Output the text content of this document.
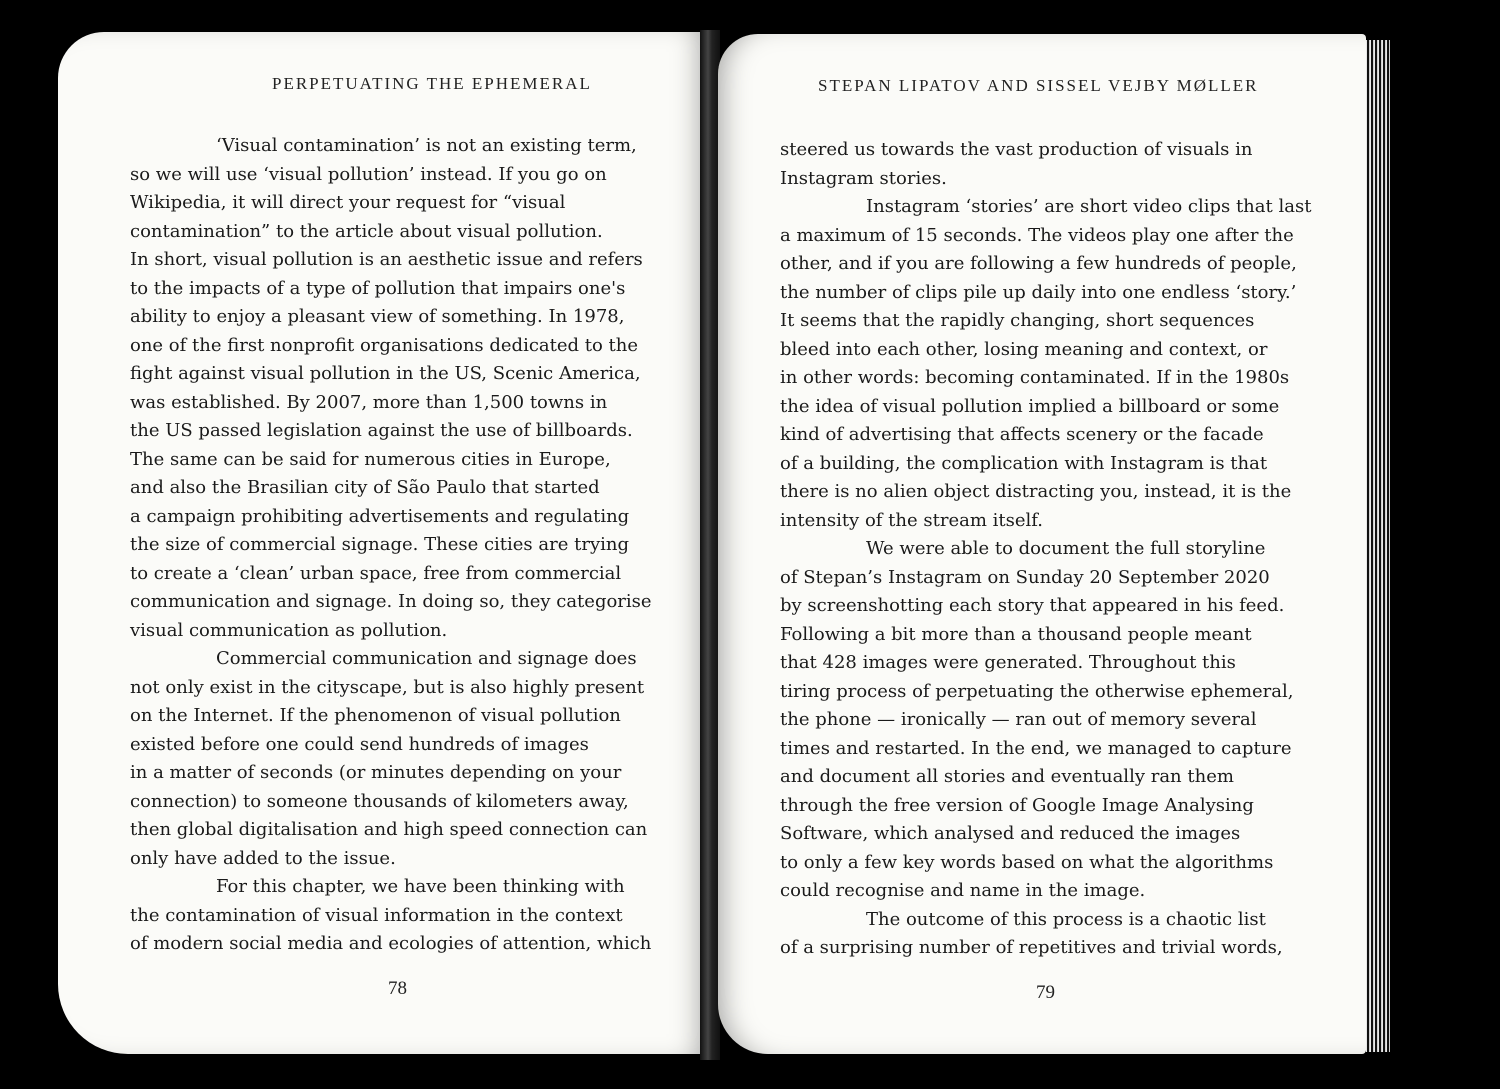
PERPETUATING THE EPHEMERAL
‘Visual contamination’ is not an existing term,
so we will use ‘visual pollution’ instead. If you go on
Wikipedia, it will direct your request for “visual
contamination” to the article about visual pollution.
In short, visual pollution is an aesthetic issue and refers
to the impacts of a type of pollution that impairs one's
ability to enjoy a pleasant view of something. In 1978,
one of the first nonprofit organisations dedicated to the
fight against visual pollution in the US, Scenic America,
was established. By 2007, more than 1,500 towns in
the US passed legislation against the use of billboards.
The same can be said for numerous cities in Europe,
and also the Brasilian city of São Paulo that started
a campaign prohibiting advertisements and regulating
the size of commercial signage. These cities are trying
to create a ‘clean’ urban space, free from commercial
communication and signage. In doing so, they categorise
visual communication as pollution.
Commercial communication and signage does
not only exist in the cityscape, but is also highly present
on the Internet. If the phenomenon of visual pollution
existed before one could send hundreds of images
in a matter of seconds (or minutes depending on your
connection) to someone thousands of kilometers away,
then global digitalisation and high speed connection can
only have added to the issue.
For this chapter, we have been thinking with
the contamination of visual information in the context
of modern social media and ecologies of attention, which
78
STEPAN LIPATOV AND SISSEL VEJBY MØLLER
steered us towards the vast production of visuals in
Instagram stories.
Instagram ‘stories’ are short video clips that last
a maximum of 15 seconds. The videos play one after the
other, and if you are following a few hundreds of people,
the number of clips pile up daily into one endless ‘story.’
It seems that the rapidly changing, short sequences
bleed into each other, losing meaning and context, or
in other words: becoming contaminated. If in the 1980s
the idea of visual pollution implied a billboard or some
kind of advertising that affects scenery or the facade
of a building, the complication with Instagram is that
there is no alien object distracting you, instead, it is the
intensity of the stream itself.
We were able to document the full storyline
of Stepan’s Instagram on Sunday 20 September 2020
by screenshotting each story that appeared in his feed.
Following a bit more than a thousand people meant
that 428 images were generated. Throughout this
tiring process of perpetuating the otherwise ephemeral,
the phone — ironically — ran out of memory several
times and restarted. In the end, we managed to capture
and document all stories and eventually ran them
through the free version of Google Image Analysing
Software, which analysed and reduced the images
to only a few key words based on what the algorithms
could recognise and name in the image.
The outcome of this process is a chaotic list
of a surprising number of repetitives and trivial words,
79
